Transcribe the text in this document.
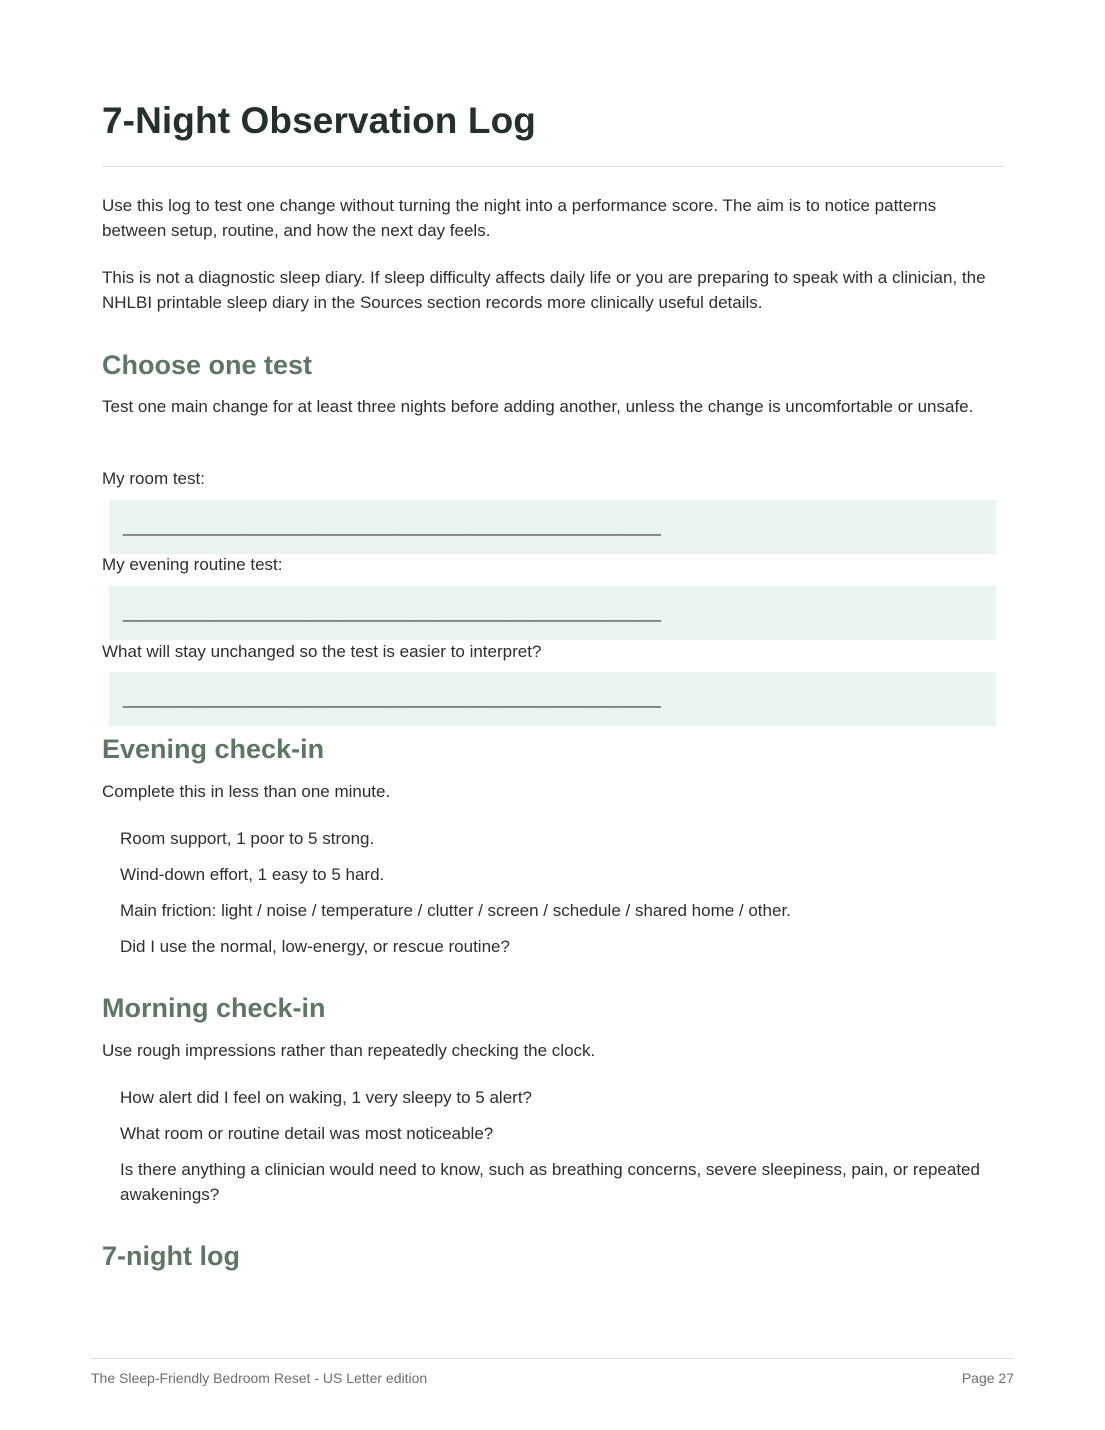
7-Night Observation Log

Use this log to test one change without turning the night into a performance score. The aim is to notice patterns between setup, routine, and how the next day feels.

This is not a diagnostic sleep diary. If sleep difficulty affects daily life or you are preparing to speak with a clinician, the NHLBI printable sleep diary in the Sources section records more clinically useful details.

Choose one test

Test one main change for at least three nights before adding another, unless the change is uncomfortable or unsafe.

My room test:
____________________________________________________________
My evening routine test:
____________________________________________________________
What will stay unchanged so the test is easier to interpret?
____________________________________________________________
Evening check-in

Complete this in less than one minute.

Room support, 1 poor to 5 strong.
Wind-down effort, 1 easy to 5 hard.
Main friction: light / noise / temperature / clutter / screen / schedule / shared home / other.
Did I use the normal, low-energy, or rescue routine?
Morning check-in

Use rough impressions rather than repeatedly checking the clock.

How alert did I feel on waking, 1 very sleepy to 5 alert?
What room or routine detail was most noticeable?
Is there anything a clinician would need to know, such as breathing concerns, severe sleepiness, pain, or repeated awakenings?
7-night log
The Sleep-Friendly Bedroom Reset - US Letter edition	Page 27
